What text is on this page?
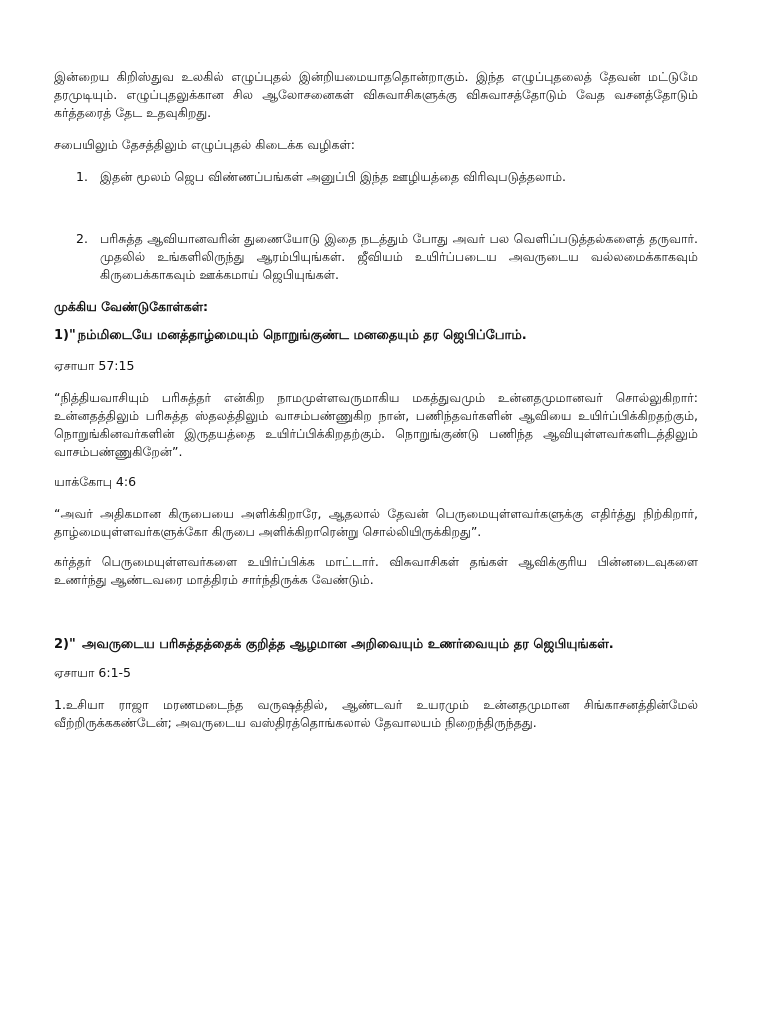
இன்றைய கிறிஸ்துவ உலகில் எழுப்புதல் இன்றியமையாததொன்றாகும். இந்த எழுப்புதலைத் தேவன் மட்டுமே தரமுடியும். எழுப்புதலுக்கான சில ஆலோசனைகள் விசுவாசிகளுக்கு விசுவாசத்தோடும் வேத வசனத்தோடும் கர்த்தரைத் தேட உதவுகிறது.

சபையிலும் தேசத்திலும் எழுப்புதல் கிடைக்க வழிகள்:

1. இதன் மூலம் ஜெப விண்ணப்பங்கள் அனுப்பி இந்த ஊழியத்தை விரிவுபடுத்தலாம்.
2. பரிசுத்த ஆவியானவரின் துணையோடு இதை நடத்தும் போது அவர் பல வெளிப்படுத்தல்களைத் தருவார். முதலில் உங்களிலிருந்து ஆரம்பியுங்கள். ஜீவியம் உயிர்ப்படைய அவருடைய வல்லமைக்காகவும் கிருபைக்காகவும் ஊக்கமாய் ஜெபியுங்கள்.

முக்கிய வேண்டுகோள்கள்:

1)" நம்மிடையே மனத்தாழ்மையும் நொறுங்குண்ட மனதையும் தர ஜெபிப்போம்.

ஏசாயா 57:15

“நித்தியவாசியும் பரிசுத்தர் என்கிற நாமமுள்ளவருமாகிய மகத்துவமும் உன்னதமுமானவர் சொல்லுகிறார்: உன்னதத்திலும் பரிசுத்த ஸ்தலத்திலும் வாசம்பண்ணுகிற நான், பணிந்தவர்களின் ஆவியை உயிர்ப்பிக்கிறதற்கும், நொறுங்கினவர்களின் இருதயத்தை உயிர்ப்பிக்கிறதற்கும். நொறுங்குண்டு பணிந்த ஆவியுள்ளவர்களிடத்திலும் வாசம்பண்ணுகிறேன்”.

யாக்கோபு 4:6

“அவர் அதிகமான கிருபையை அளிக்கிறாரே, ஆதலால் தேவன் பெருமையுள்ளவர்களுக்கு எதிர்த்து நிற்கிறார், தாழ்மையுள்ளவர்களுக்கோ கிருபை அளிக்கிறாரென்று சொல்லியிருக்கிறது”.

கர்த்தர் பெருமையுள்ளவர்களை உயிர்ப்பிக்க மாட்டார். விசுவாசிகள் தங்கள் ஆவிக்குரிய பின்னடைவுகளை உணர்ந்து ஆண்டவரை மாத்திரம் சார்ந்திருக்க வேண்டும்.

2)" அவருடைய பரிசுத்தத்தைக் குறித்த ஆழமான அறிவையும் உணர்வையும் தர ஜெபியுங்கள்.

ஏசாயா 6:1-5

1.உசியா ராஜா மரணமடைந்த வருஷத்தில், ஆண்டவர் உயரமும் உன்னதமுமான சிங்காசனத்தின்மேல் வீற்றிருக்ககண்டேன்; அவருடைய வஸ்திரத்தொங்கலால் தேவாலயம் நிறைந்திருந்தது.
